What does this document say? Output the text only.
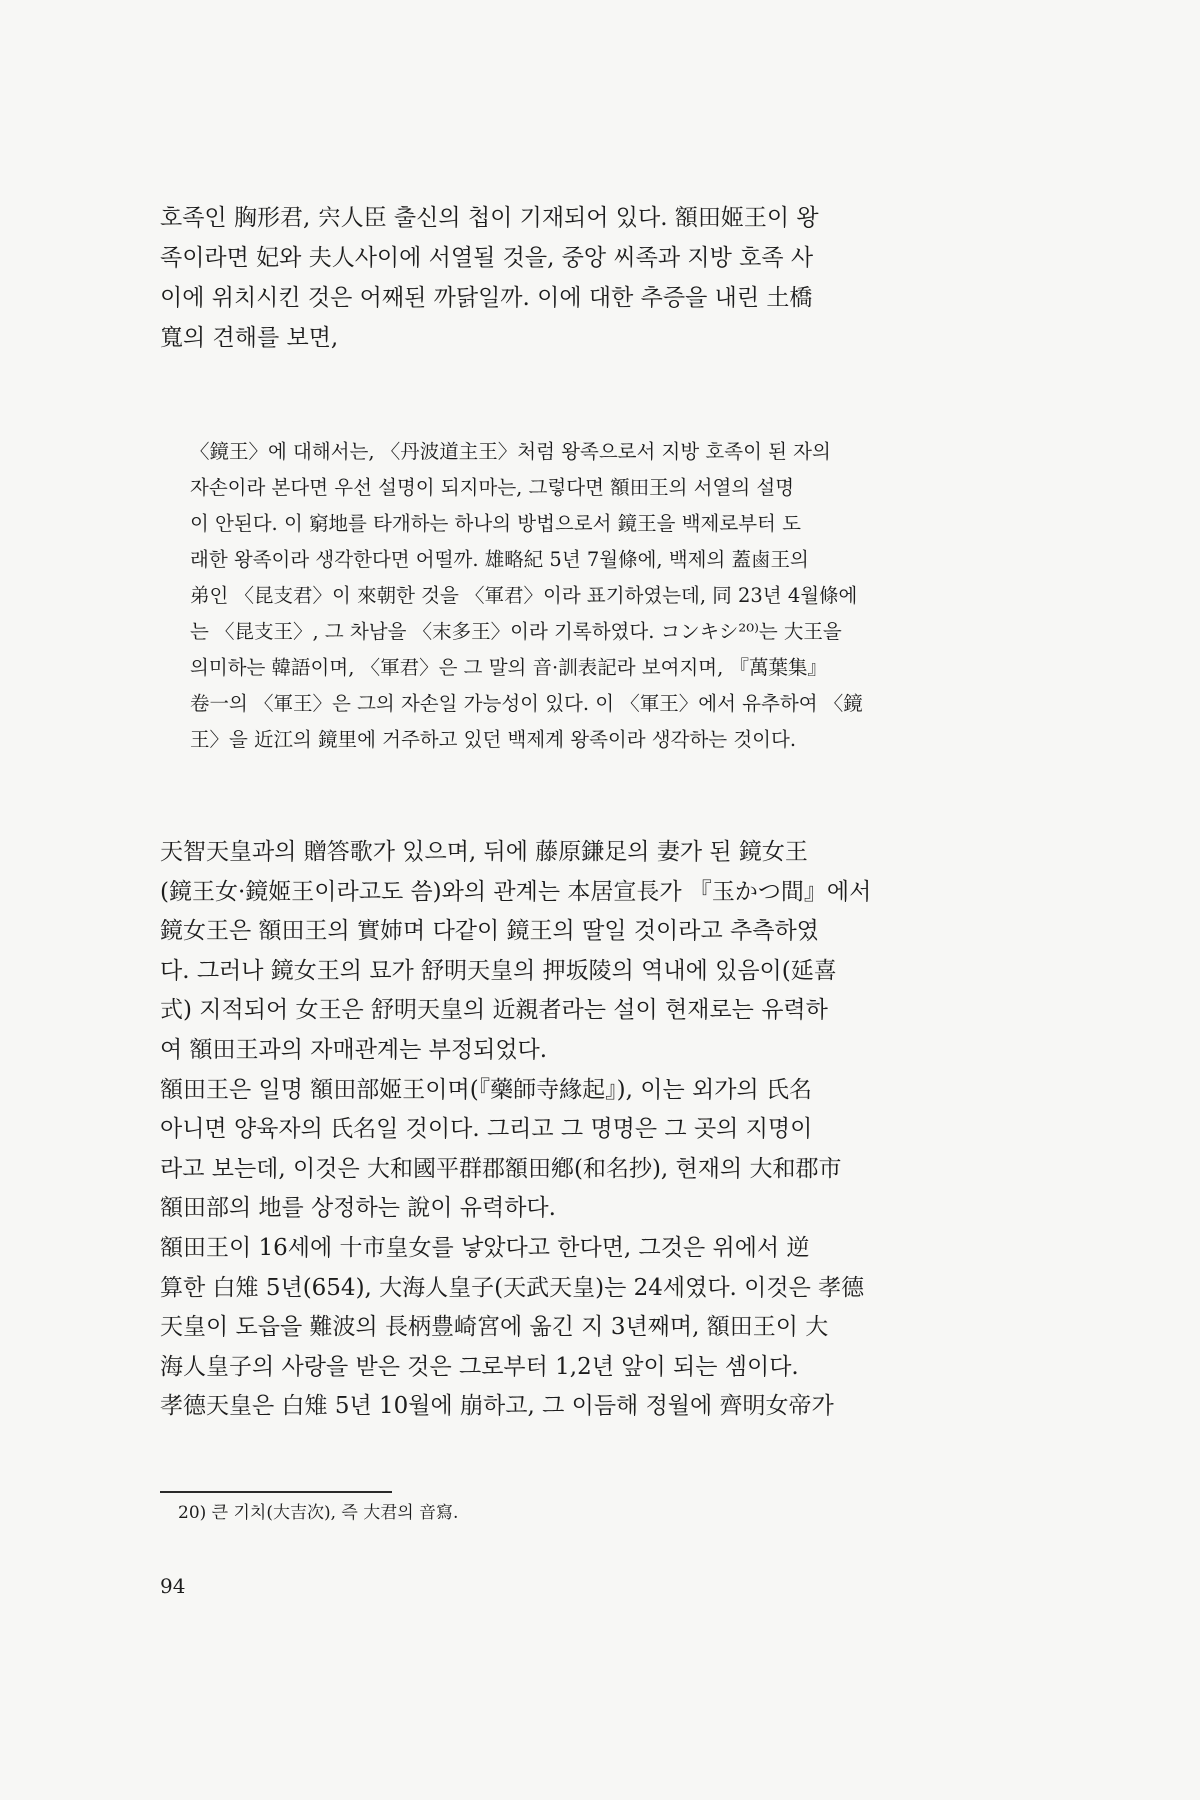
호족인 胸形君, 宍人臣 출신의 첩이 기재되어 있다. 額田姬王이 왕
족이라면 妃와 夫人사이에 서열될 것을, 중앙 씨족과 지방 호족 사
이에 위치시킨 것은 어째된 까닭일까. 이에 대한 추증을 내린 土橋
寬의 견해를 보면,
〈鏡王〉에 대해서는, 〈丹波道主王〉처럼 왕족으로서 지방 호족이 된 자의
자손이라 본다면 우선 설명이 되지마는, 그렇다면 額田王의 서열의 설명
이 안된다. 이 窮地를 타개하는 하나의 방법으로서 鏡王을 백제로부터 도
래한 왕족이라 생각한다면 어떨까. 雄略紀 5년 7월條에, 백제의 蓋鹵王의
弟인 〈昆支君〉이 來朝한 것을 〈軍君〉이라 표기하였는데, 同 23년 4월條에
는 〈昆支王〉, 그 차남을 〈末多王〉이라 기록하였다. コンキシ²⁰⁾는 大王을
의미하는 韓語이며, 〈軍君〉은 그 말의 音·訓表記라 보여지며, 『萬葉集』
卷一의 〈軍王〉은 그의 자손일 가능성이 있다. 이 〈軍王〉에서 유추하여 〈鏡
王〉을 近江의 鏡里에 거주하고 있던 백제계 왕족이라 생각하는 것이다.
天智天皇과의 贈答歌가 있으며, 뒤에 藤原鎌足의 妻가 된 鏡女王
(鏡王女·鏡姬王이라고도 씀)와의 관계는 本居宣長가 『玉かつ間』에서
鏡女王은 額田王의 實姉며 다같이 鏡王의 딸일 것이라고 추측하였
다. 그러나 鏡女王의 묘가 舒明天皇의 押坂陵의 역내에 있음이(延喜
式) 지적되어 女王은 舒明天皇의 近親者라는 설이 현재로는 유력하
여 額田王과의 자매관계는 부정되었다.
額田王은 일명 額田部姬王이며(『藥師寺緣起』), 이는 외가의 氏名
아니면 양육자의 氏名일 것이다. 그리고 그 명명은 그 곳의 지명이
라고 보는데, 이것은 大和國平群郡額田鄕(和名抄), 현재의 大和郡市
額田部의 地를 상정하는 說이 유력하다.
額田王이 16세에 十市皇女를 낳았다고 한다면, 그것은 위에서 逆
算한 白雉 5년(654), 大海人皇子(天武天皇)는 24세였다. 이것은 孝德
天皇이 도읍을 難波의 長柄豊崎宮에 옮긴 지 3년째며, 額田王이 大
海人皇子의 사랑을 받은 것은 그로부터 1,2년 앞이 되는 셈이다.
孝德天皇은 白雉 5년 10월에 崩하고, 그 이듬해 정월에 齊明女帝가
20) 큰 기치(大吉次), 즉 大君의 音寫.
94
